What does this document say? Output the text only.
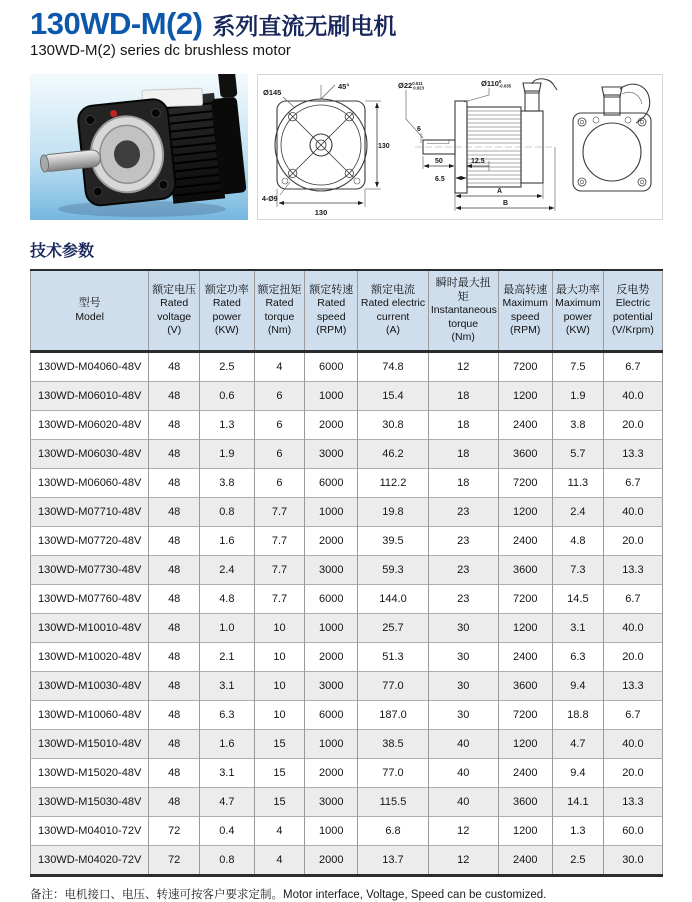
130WD-M(2) 系列直流无刷电机
130WD-M(2) series dc brushless motor
Ø145
45°
130
130
4-Ø9
$Ø22^{0.011}$ 0.023	$Ø110^0$ -0.035
6
50	12.5
6.5
A
B
技术参数
型号
Model	额定电压
Rated voltage
(V)	额定功率
Rated power
(KW)	额定扭矩
Rated torque
(Nm)	额定转速
Rated speed
(RPM)	额定电流
Rated electric current
(A)	瞬时最大扭矩
Instantaneous torque
(Nm)	最高转速
Maximum speed
(RPM)	最大功率
Maximum power
(KW)	反电势
Electric potential
(V/Krpm)

130WD-M04060-48V	48	2.5	4	6000	74.8	12	7200	7.5	6.7
130WD-M06010-48V	48	0.6	6	1000	15.4	18	1200	1.9	40.0
130WD-M06020-48V	48	1.3	6	2000	30.8	18	2400	3.8	20.0
130WD-M06030-48V	48	1.9	6	3000	46.2	18	3600	5.7	13.3
130WD-M06060-48V	48	3.8	6	6000	112.2	18	7200	11.3	6.7
130WD-M07710-48V	48	0.8	7.7	1000	19.8	23	1200	2.4	40.0
130WD-M07720-48V	48	1.6	7.7	2000	39.5	23	2400	4.8	20.0
130WD-M07730-48V	48	2.4	7.7	3000	59.3	23	3600	7.3	13.3
130WD-M07760-48V	48	4.8	7.7	6000	144.0	23	7200	14.5	6.7
130WD-M10010-48V	48	1.0	10	1000	25.7	30	1200	3.1	40.0
130WD-M10020-48V	48	2.1	10	2000	51.3	30	2400	6.3	20.0
130WD-M10030-48V	48	3.1	10	3000	77.0	30	3600	9.4	13.3
130WD-M10060-48V	48	6.3	10	6000	187.0	30	7200	18.8	6.7
130WD-M15010-48V	48	1.6	15	1000	38.5	40	1200	4.7	40.0
130WD-M15020-48V	48	3.1	15	2000	77.0	40	2400	9.4	20.0
130WD-M15030-48V	48	4.7	15	3000	115.5	40	3600	14.1	13.3
130WD-M04010-72V	72	0.4	4	1000	6.8	12	1200	1.3	60.0
130WD-M04020-72V	72	0.8	4	2000	13.7	12	2400	2.5	30.0
备注：电机接口、电压、转速可按客户要求定制。Motor interface, Voltage, Speed can be customized.
